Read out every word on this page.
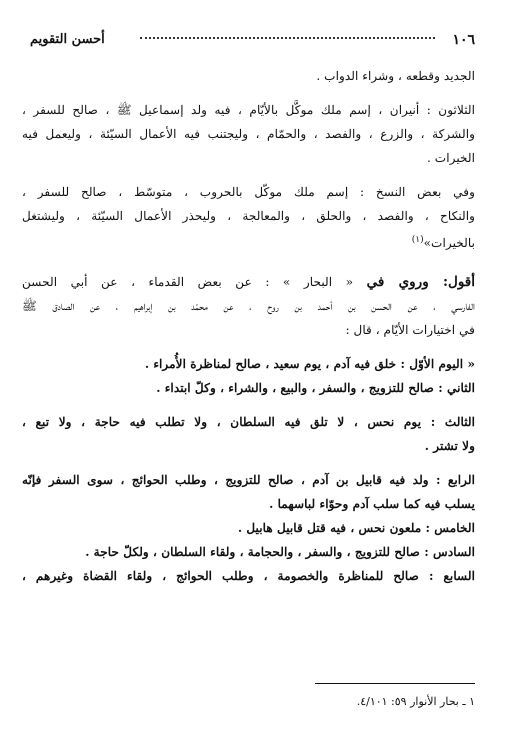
١٠٦
أحسن التقويم
الجديد وقطعه ، وشراء الدواب .
الثلاثون : أنيران ، إسم ملك موكَّل بالأيّام ، فيه ولد إسماعيل ﷺ ، صالح للسفر ،
والشركة ، والزرع ، والفصد ، والحمّام ، وليجتنب فيه الأعمال السيّئة ، وليعمل فيه
الخيرات .
وفي بعض النسخ : إسم ملك موكّل بالحروب ، متوسّط ، صالح للسفر ،
والنكاح ، والفصد ، والحلق ، والمعالجة ، وليحذر الأعمال السيّئة ، وليشتغل
بالخيرات»$^{(١)}$
أقول: وروي في « البحار » : عن بعض القدماء ، عن أبي الحسن
الفارسي ، عن الحسن بن أحمد بن روح ، عن محمّد بن إبراهيم ، عن الصادق ﷺ
في اختيارات الأيّام ، قال :
« اليوم الأوّل : خلق فيه آدم ، يوم سعيد ، صالح لمناظرة الأُمراء .
الثاني : صالح للتزويج ، والسفر ، والبيع ، والشراء ، وكلّ ابتداء .
الثالث : يوم نحس ، لا تلق فيه السلطان ، ولا تطلب فيه حاجة ، ولا تبع ،
ولا تشتر .
الرابع : ولد فيه قابيل بن آدم ، صالح للتزويج ، وطلب الحوائج ، سوى السفر فإنّه
يسلب فيه كما سلب آدم وحوّاء لباسهما .
الخامس : ملعون نحس ، فيه قتل قابيل هابيل .
السادس : صالح للتزويج ، والسفر ، والحجامة ، ولقاء السلطان ، ولكلّ حاجة .
السابع : صالح للمناظرة والخصومة ، وطلب الحوائج ، ولقاء القضاة وغيرهم ،
١ ـ بحار الأنوار ٥٩: ٤/١٠١.
